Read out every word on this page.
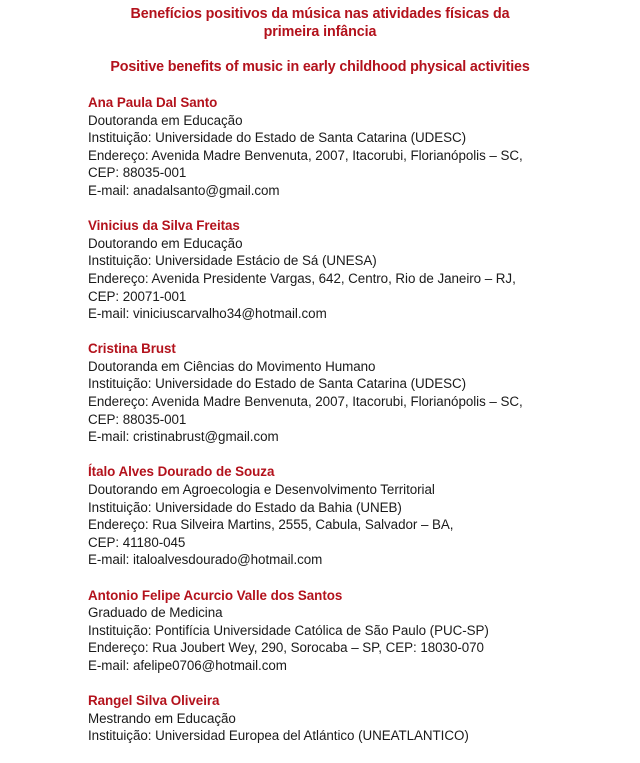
Benefícios positivos da música nas atividades físicas da primeira infância
Positive benefits of music in early childhood physical activities
Ana Paula Dal Santo
Doutoranda em Educação
Instituição: Universidade do Estado de Santa Catarina (UDESC)
Endereço: Avenida Madre Benvenuta, 2007, Itacorubi, Florianópolis – SC,
CEP: 88035-001
E-mail: anadalsanto@gmail.com
Vinicius da Silva Freitas
Doutorando em Educação
Instituição: Universidade Estácio de Sá (UNESA)
Endereço: Avenida Presidente Vargas, 642, Centro, Rio de Janeiro – RJ,
CEP: 20071-001
E-mail: viniciuscarvalho34@hotmail.com
Cristina Brust
Doutoranda em Ciências do Movimento Humano
Instituição: Universidade do Estado de Santa Catarina (UDESC)
Endereço: Avenida Madre Benvenuta, 2007, Itacorubi, Florianópolis – SC,
CEP: 88035-001
E-mail: cristinabrust@gmail.com
Ítalo Alves Dourado de Souza
Doutorando em Agroecologia e Desenvolvimento Territorial
Instituição: Universidade do Estado da Bahia (UNEB)
Endereço: Rua Silveira Martins, 2555, Cabula, Salvador – BA,
CEP: 41180-045
E-mail: italoalvesdourado@hotmail.com
Antonio Felipe Acurcio Valle dos Santos
Graduado de Medicina
Instituição: Pontifícia Universidade Católica de São Paulo (PUC-SP)
Endereço: Rua Joubert Wey, 290, Sorocaba – SP, CEP: 18030-070
E-mail: afelipe0706@hotmail.com
Rangel Silva Oliveira
Mestrando em Educação
Instituição: Universidad Europea del Atlántico (UNEATLANTICO)
